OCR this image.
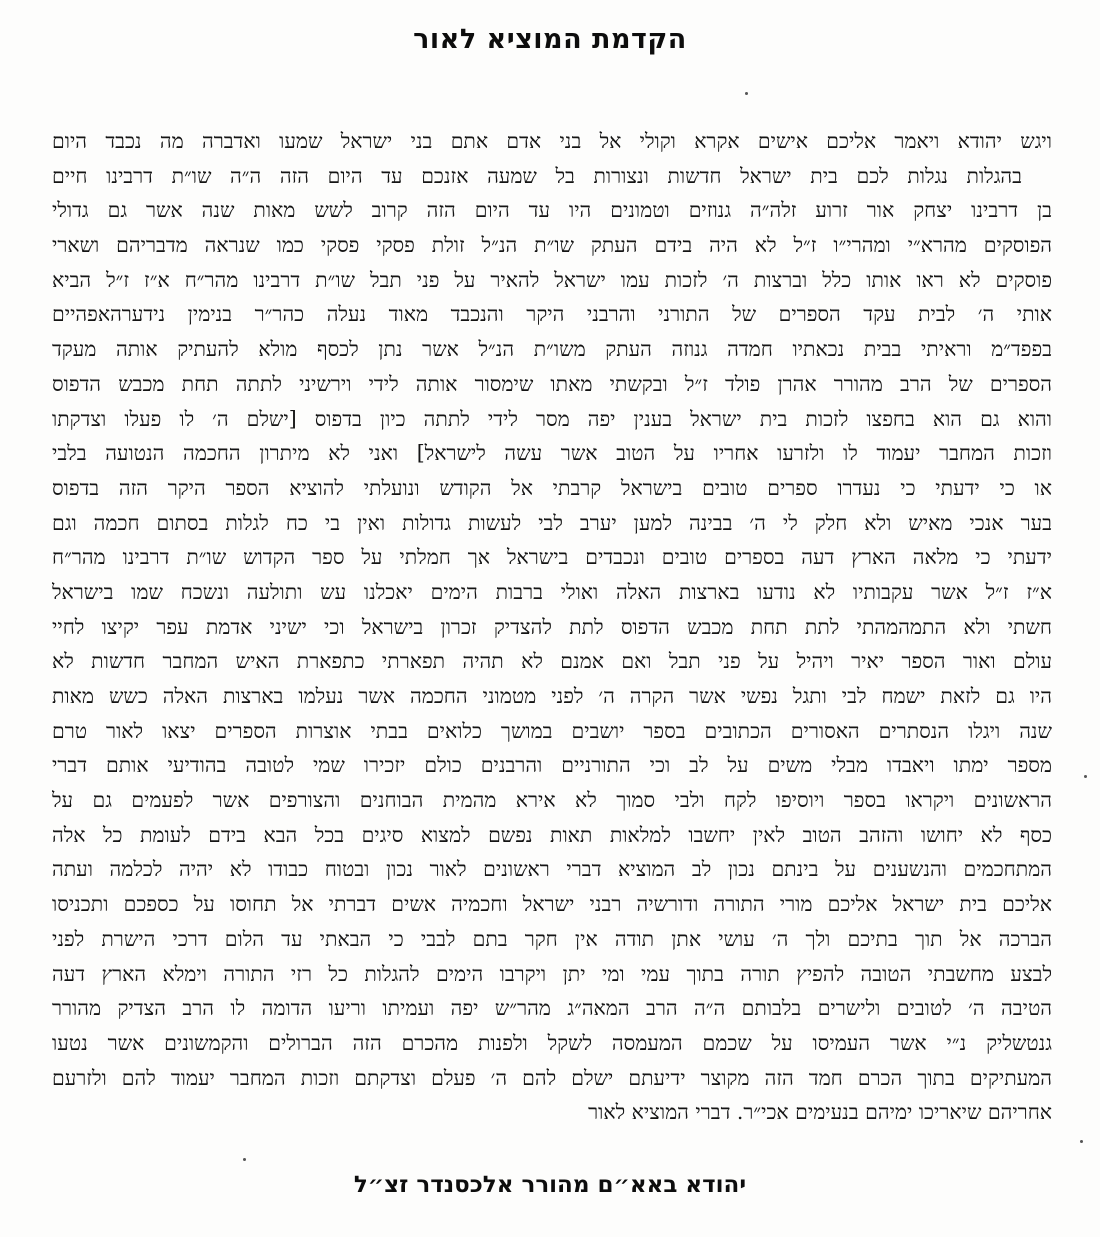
הקדמת המוציא לאור
ויגש יהודא ויאמר אליכם אישים אקרא וקולי אל בני אדם אתם בני ישראל שמעו ואדברה מה נכבד היום
בהגלות נגלות לכם בית ישראל חדשות ונצורות בל שמעה אזנכם עד היום הזה ה״ה שו״ת דרבינו חיים
בן דרבינו יצחק אור זרוע זלה״ה גנוזים וטמונים היו עד היום הזה קרוב לשש מאות שנה אשר גם גדולי
הפוסקים מהרא״י ומהרי״ו ז״ל לא היה בידם העתק שו״ת הנ״ל זולת פסקי פסקי כמו שנראה מדבריהם ושארי
פוסקים לא ראו אותו כלל וברצות ה׳ לזכות עמו ישראל להאיר על פני תבל שו״ת דרבינו מהר״ח א״ז ז״ל הביא
אותי ה׳ לבית עקד הספרים של התורני והרבני היקר והנכבד מאוד נעלה כהר״ר בנימין נידערהאפהיים
בפפד״מ וראיתי בבית נכאתיו חמדה גנוזה העתק משו״ת הנ״ל אשר נתן לכסף מולא להעתיק אותה מעקד
הספרים של הרב מהורר אהרן פולד ז״ל ובקשתי מאתו שימסור אותה לידי וירשיני לתתה תחת מכבש הדפוס
והוא גם הוא בחפצו לזכות בית ישראל בענין יפה מסר לידי לתתה כיון בדפוס [ישלם ה׳ לו פעלו וצדקתו
וזכות המחבר יעמוד לו ולזרעו אחריו על הטוב אשר עשה לישראל] ואני לא מיתרון החכמה הנטועה בלבי
או כי ידעתי כי נעדרו ספרים טובים בישראל קרבתי אל הקודש ונועלתי להוציא הספר היקר הזה בדפוס
בער אנכי מאיש ולא חלק לי ה׳ בבינה למען יערב לבי לעשות גדולות ואין בי כח לגלות בסתום חכמה וגם
ידעתי כי מלאה הארץ דעה בספרים טובים ונכבדים בישראל אך חמלתי על ספר הקדוש שו״ת דרבינו מהר״ח
א״ז ז״ל אשר עקבותיו לא נודעו בארצות האלה ואולי ברבות הימים יאכלנו עש ותולעה ונשכח שמו בישראל
חשתי ולא התמהמהתי לתת תחת מכבש הדפוס לתת להצדיק זכרון בישראל וכי ישיני אדמת עפר יקיצו לחיי
עולם ואור הספר יאיר ויהיל על פני תבל ואם אמנם לא תהיה תפארתי כתפארת האיש המחבר חדשות לא
היו גם לזאת ישמח לבי ותגל נפשי אשר הקרה ה׳ לפני מטמוני החכמה אשר נעלמו בארצות האלה כשש מאות
שנה ויגלו הנסתרים האסורים הכתובים בספר יושבים במושך כלואים בבתי אוצרות הספרים יצאו לאור טרם
מספר ימתו ויאבדו מבלי משים על לב וכי התורניים והרבנים כולם יזכירו שמי לטובה בהודיעי אותם דברי
הראשונים ויקראו בספר ויוסיפו לקח ולבי סמוך לא אירא מהמית הבוחנים והצורפים אשר לפעמים גם על
כסף לא יחושו והזהב הטוב לאין יחשבו למלאות תאות נפשם למצוא סיגים בכל הבא בידם לעומת כל אלה
המתחכמים והנשענים על בינתם נכון לב המוציא דברי ראשונים לאור נכון ובטוח כבודו לא יהיה לכלמה ועתה
אליכם בית ישראל אליכם מורי התורה ודורשיה רבני ישראל וחכמיה אשים דברתי אל תחוסו על כספכם ותכניסו
הברכה אל תוך בתיכם ולך ה׳ עושי אתן תודה אין חקר בתם לבבי כי הבאתי עד הלום דרכי הישרת לפני
לבצע מחשבתי הטובה להפיץ תורה בתוך עמי ומי יתן ויקרבו הימים להגלות כל רזי התורה וימלא הארץ דעה
הטיבה ה׳ לטובים ולישרים בלבותם ה״ה הרב המאה״ג מהר״ש יפה ועמיתו וריעו הדומה לו הרב הצדיק מהורר
גנטשליק נ״י אשר העמיסו על שכמם המעמסה לשקל ולפנות מהכרם הזה הברולים והקמשונים אשר נטעו
המעתיקים בתוך הכרם חמד הזה מקוצר ידיעתם ישלם להם ה׳ פעלם וצדקתם וזכות המחבר יעמוד להם ולזרעם
אחריהם שיאריכו ימיהם בנעימים אכי״ר. דברי המוציא לאור
יהודא באא״ם מהורר אלכסנדר זצ״ל
